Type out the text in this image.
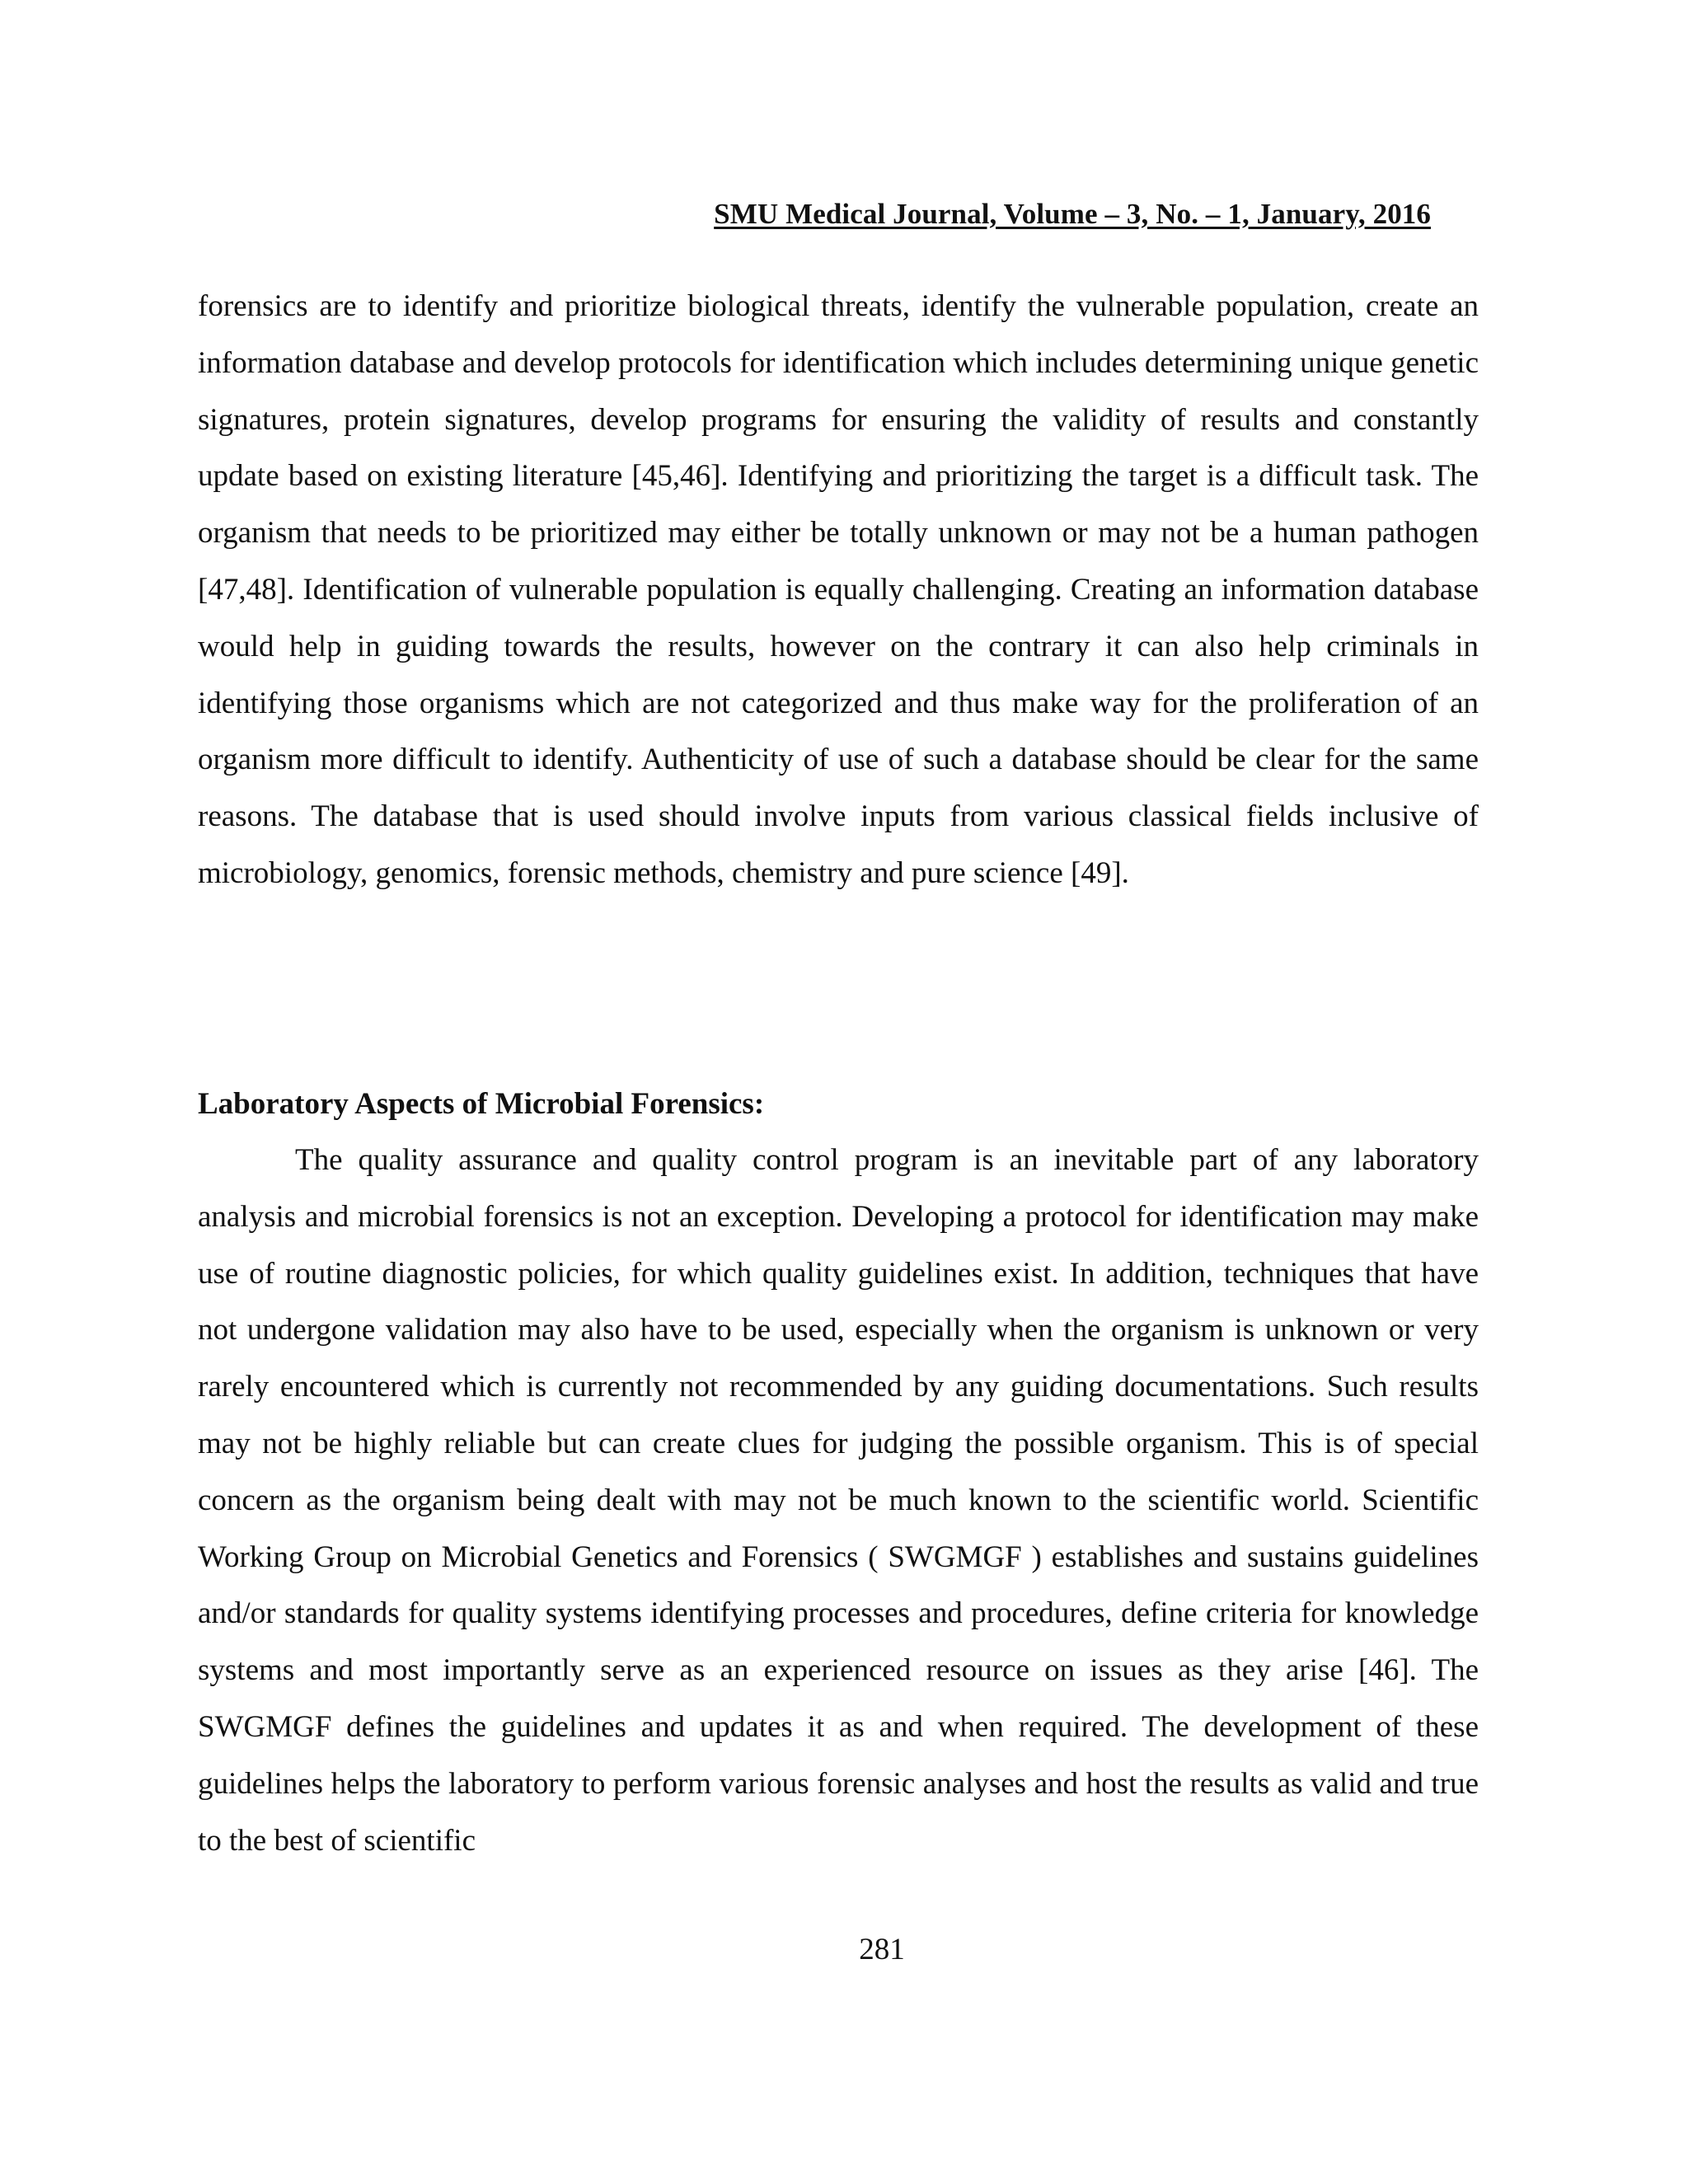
SMU Medical Journal, Volume – 3, No. – 1, January, 2016

forensics are to identify and prioritize biological threats, identify the vulnerable population, create an information database and develop protocols for identification which includes determining unique genetic signatures, protein signatures, develop programs for ensuring the validity of results and constantly update based on existing literature [45,46]. Identifying and prioritizing the target is a difficult task. The organism that needs to be prioritized may either be totally unknown or may not be a human pathogen [47,48]. Identification of vulnerable population is equally challenging. Creating an information database would help in guiding towards the results, however on the contrary it can also help criminals in identifying those organisms which are not categorized and thus make way for the proliferation of an organism more difficult to identify. Authenticity of use of such a database should be clear for the same reasons. The database that is used should involve inputs from various classical fields inclusive of microbiology, genomics, forensic methods, chemistry and pure science [49].

Laboratory Aspects of Microbial Forensics:

The quality assurance and quality control program is an inevitable part of any laboratory analysis and microbial forensics is not an exception. Developing a protocol for identification may make use of routine diagnostic policies, for which quality guidelines exist. In addition, techniques that have not undergone validation may also have to be used, especially when the organism is unknown or very rarely encountered which is currently not recommended by any guiding documentations. Such results may not be highly reliable but can create clues for judging the possible organism. This is of special concern as the organism being dealt with may not be much known to the scientific world. Scientific Working Group on Microbial Genetics and Forensics ( SWGMGF ) establishes and sustains guidelines and/or standards for quality systems identifying processes and procedures, define criteria for knowledge systems and most importantly serve as an experienced resource on issues as they arise [46]. The SWGMGF defines the guidelines and updates it as and when required. The development of these guidelines helps the laboratory to perform various forensic analyses and host the results as valid and true to the best of scientific

281
